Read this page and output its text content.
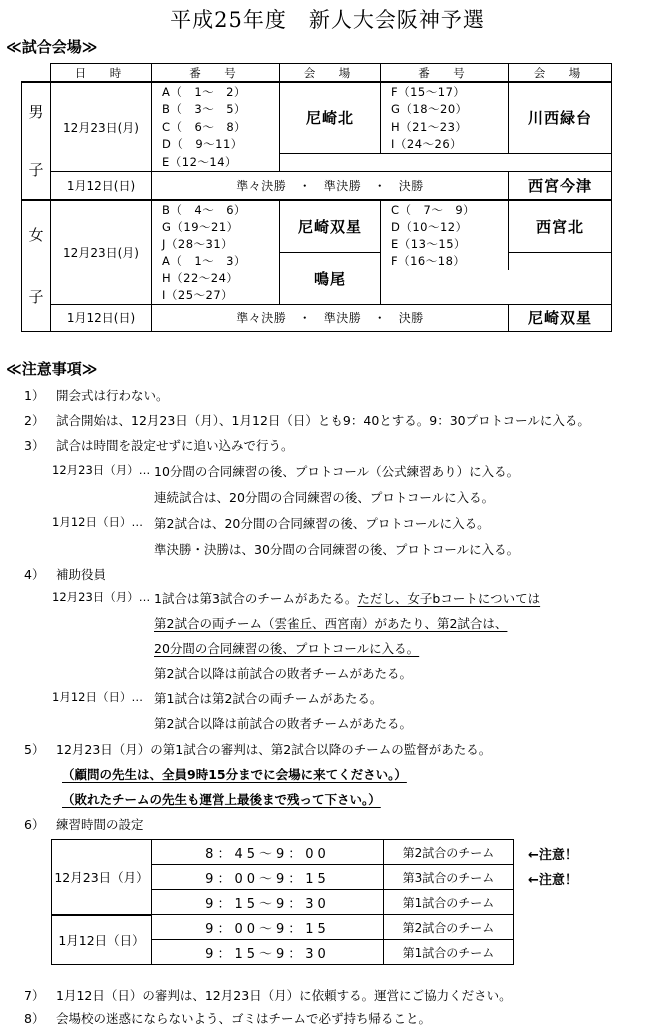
平成25年度　新人大会阪神予選
≪試合会場≫
	日　時	番　号	会　場	番　号	会　場

男
子	12月23日(月)	A（　1～　2）	尼崎北	F（15～17）	川西緑台
		B（　3～　5）		G（18～20）	
		C（　6～　8）		H（21～23）	
		D（　9～11）		I（24～26）	
		E（12～14）			
	1月12日(日)	準々決勝　・　準決勝　・　決勝			西宮今津

女
子	12月23日(月)	B（　4～　6）	尼崎双星	C（　7～　9）	西宮北
		G（19～21）		D（10～12）	
		J（28～31）		E（13～15）	
		A（　1～　3）	鳴尾	F（16～18）	
		H（22～24）			
		I（25～27）			
	1月12日(日)	準々決勝　・　準決勝　・　決勝			尼崎双星
≪注意事項≫
1） 開会式は行わない。
2） 試合開始は、12月23日（月）、1月12日（日）とも9：40とする。9：30プロトコールに入る。
3） 試合は時間を設定せずに追い込みで行う。
12月23日（月）… 10分間の合同練習の後、プロトコール（公式練習あり）に入る。
連続試合は、20分間の合同練習の後、プロトコールに入る。
1月12日（日）… 第2試合は、20分間の合同練習の後、プロトコールに入る。
準決勝・決勝は、30分間の合同練習の後、プロトコールに入る。
4） 補助役員
12月23日（月）… 1試合は第3試合のチームがあたる。ただし、女子bコートについては
第2試合の両チーム（雲雀丘、西宮南）があたり、第2試合は、
20分間の合同練習の後、プロトコールに入る。
第2試合以降は前試合の敗者チームがあたる。
1月12日（日）… 第1試合は第2試合の両チームがあたる。
第2試合以降は前試合の敗者チームがあたる。
5） 12月23日（月）の第1試合の審判は、第2試合以降のチームの監督があたる。
（顧問の先生は、全員9時15分までに会場に来てください。）
（敗れたチームの先生も運営上最後まで残って下さい。）
6） 練習時間の設定
12月23日（月）	8：45～9：00	第2試合のチーム
	9：00～9：15	第3試合のチーム
	9：15～9：30	第1試合のチーム
1月12日（日）	9：00～9：15	第2試合のチーム
	9：15～9：30	第1試合のチーム
←注意！
←注意！
7） 1月12日（日）の審判は、12月23日（月）に依頼する。運営にご協力ください。
8） 会場校の迷惑にならないよう、ゴミはチームで必ず持ち帰ること。
